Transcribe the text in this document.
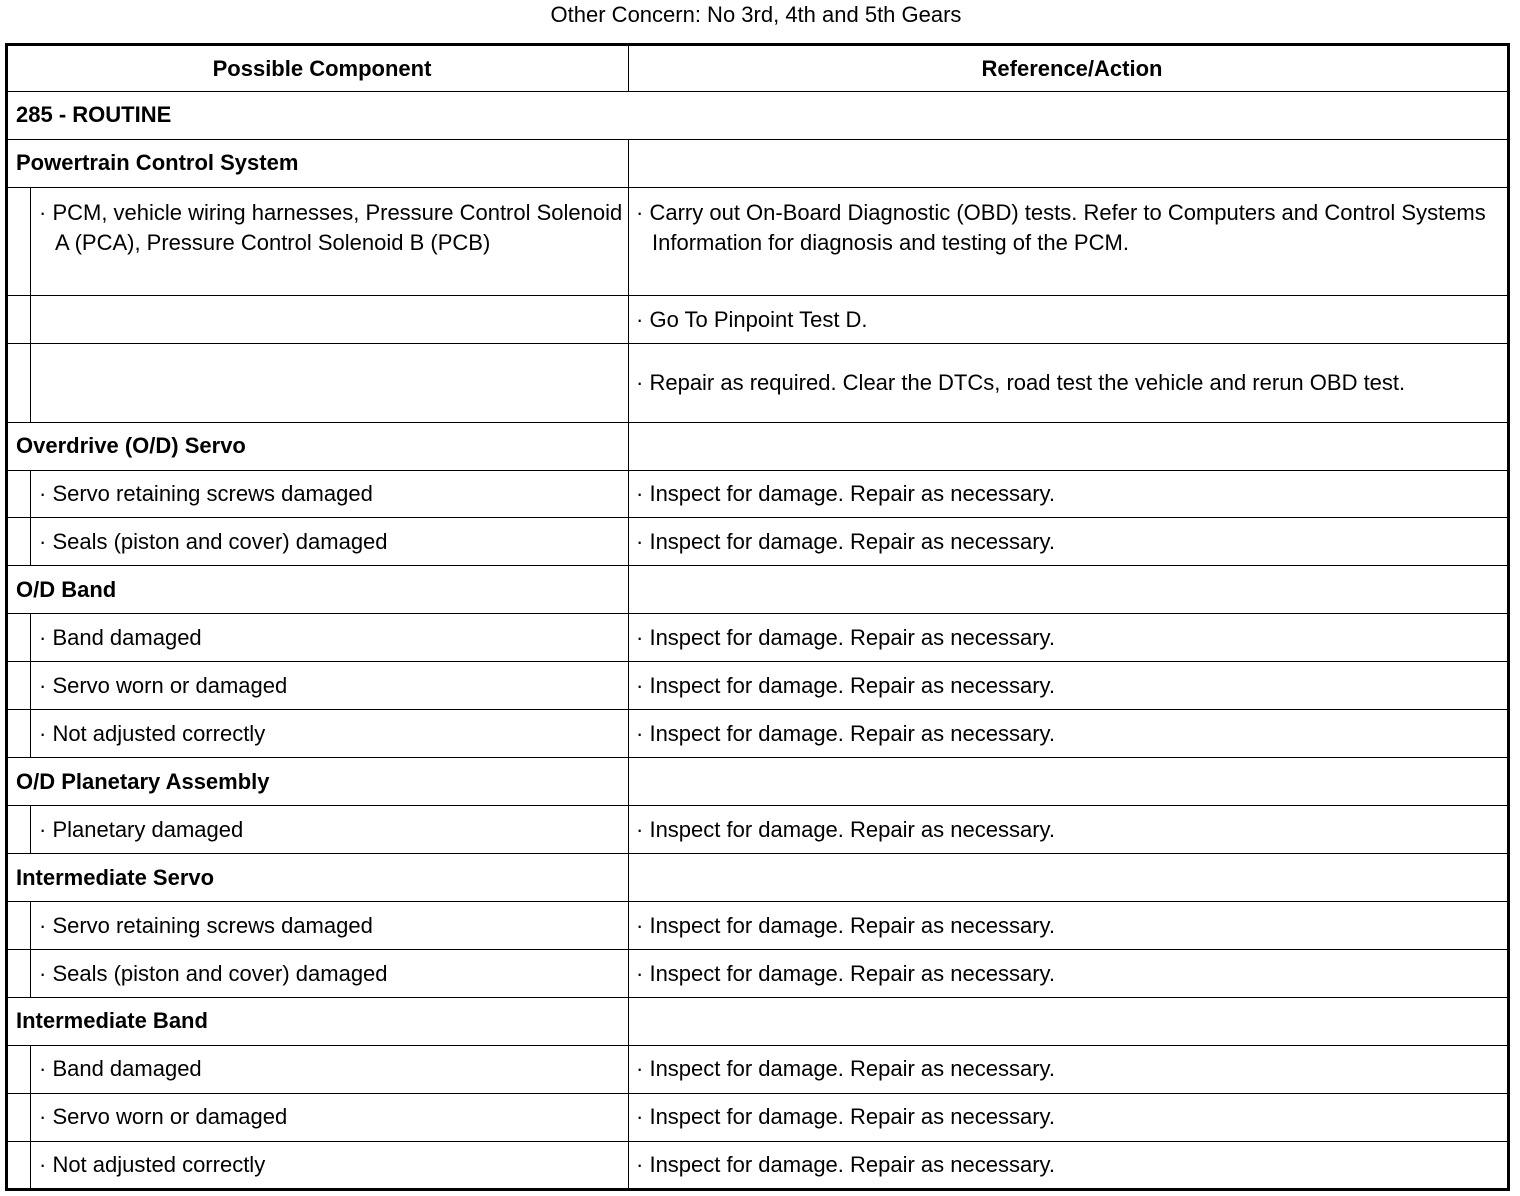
Other Concern: No 3rd, 4th and 5th Gears
Possible Component		Reference/Action
285 - ROUTINE		
Powertrain Control System		

	· PCM, vehicle wiring harnesses, Pressure Control Solenoid A (PCA), Pressure Control Solenoid B (PCB)	· Carry out On-Board Diagnostic (OBD) tests. Refer to Computers and Control Systems Information for diagnosis and testing of the PCM.

		· Go To Pinpoint Test D.
		· Repair as required. Clear the DTCs, road test the vehicle and rerun OBD test.
Overdrive (O/D) Servo		
	· Servo retaining screws damaged	· Inspect for damage. Repair as necessary.
	· Seals (piston and cover) damaged	· Inspect for damage. Repair as necessary.
O/D Band		
	· Band damaged	· Inspect for damage. Repair as necessary.
	· Servo worn or damaged	· Inspect for damage. Repair as necessary.
	· Not adjusted correctly	· Inspect for damage. Repair as necessary.
O/D Planetary Assembly		
	· Planetary damaged	· Inspect for damage. Repair as necessary.
Intermediate Servo		
	· Servo retaining screws damaged	· Inspect for damage. Repair as necessary.
	· Seals (piston and cover) damaged	· Inspect for damage. Repair as necessary.
Intermediate Band		
	· Band damaged	· Inspect for damage. Repair as necessary.
	· Servo worn or damaged	· Inspect for damage. Repair as necessary.
	· Not adjusted correctly	· Inspect for damage. Repair as necessary.
